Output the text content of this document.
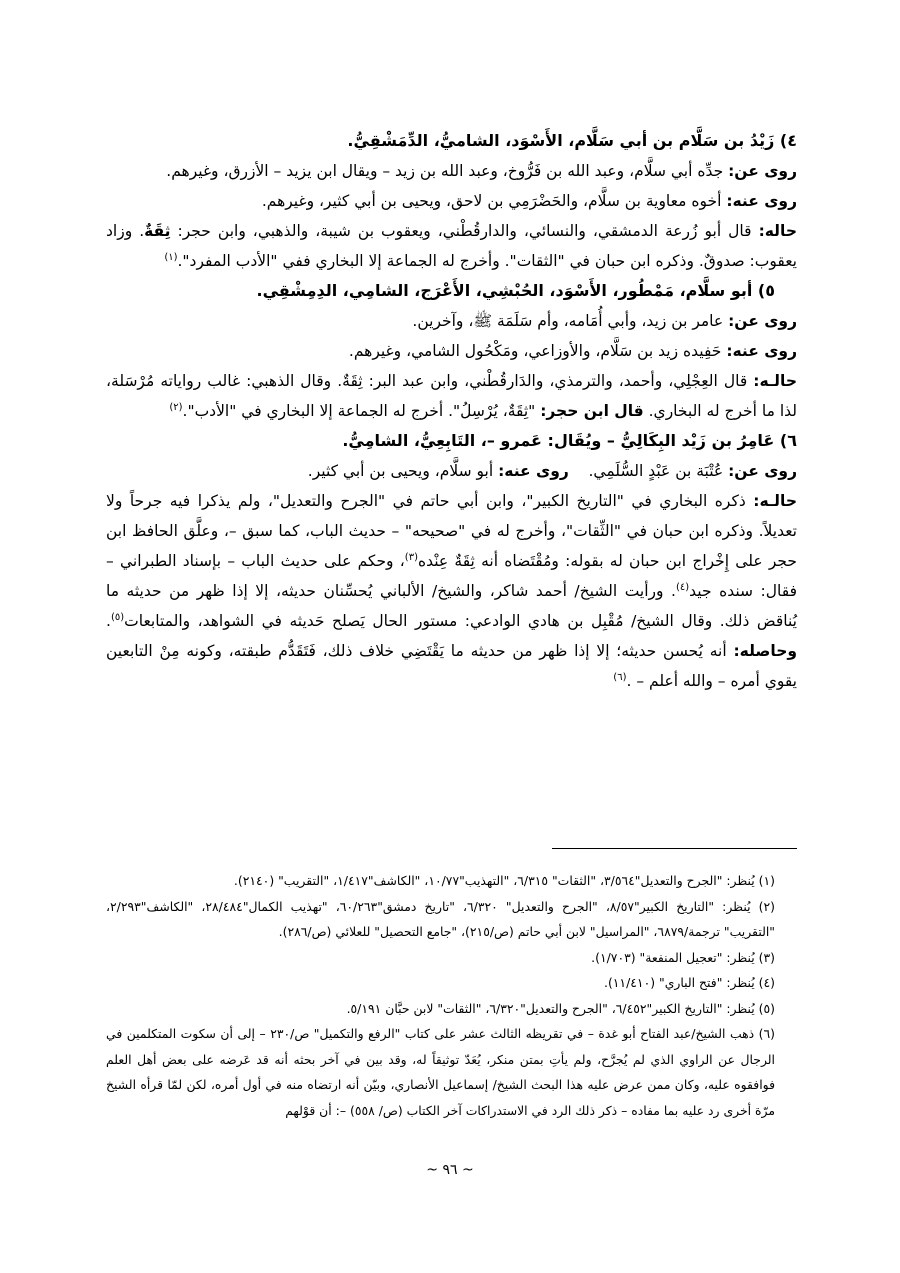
٤) زَيْدُ بن سَلَّام بن أبي سَلَّام، الأَسْوَد، الشاميُّ، الدِّمَشْقِيُّ.

روى عن: جدِّه أبي سلَّام، وعبد الله بن فَرُّوخ، وعبد الله بن زيد – ويقال ابن يزيد – الأزرق، وغيرهم.

روى عنه: أخوه معاوية بن سلَّام، والحَضْرَمِي بن لاحق، ويحيى بن أبي كثير، وغيرهم.

حاله: قال أبو زُرعة الدمشقي، والنسائي، والدارقُطْني، ويعقوب بن شيبة، والذهبي، وابن حجر: ثِقَةٌ. وزاد يعقوب: صدوقٌ. وذكره ابن حبان في "الثقات". وأخرج له الجماعة إلا البخاري ففي "الأدب المفرد".$^{(١)}$

٥) أبو سلَّام، مَمْطُور، الأَسْوَد، الحُبْشِي، الأَعْرَج، الشامِي، الدِمِشْقِي.

روى عن: عامر بن زيد، وأبي أُمَامه، وأم سَلَمَة ﷺ، وآخرين.

روى عنه: حَفِيده زيد بن سَلَّام، والأوزاعي، ومَكْحُول الشامي، وغيرهم.

حالـه: قال العِجْلِي، وأحمد، والترمذي، والدَارقُطْني، وابن عبد البر: ثِقَةٌ. وقال الذهبي: غالب رواياته مُرْسَلة، لذا ما أخرج له البخاري. قال ابن حجر: "ثِقَةٌ، يُرْسِلُ". أخرج له الجماعة إلا البخاري في "الأدب".$^{(٢)}$

٦) عَامِرُ بن زَيْد البِكَالِيُّ – ويُقَال: عَمرو –، التَابِعِيُّ، الشامِيُّ.

روى عن: عُتْبَة بن عَبْدٍ السُّلَمِي.    روى عنه: أبو سلَّام، ويحيى بن أبي كثير.

حالـه: ذكره البخاري في "التاريخ الكبير"، وابن أبي حاتم في "الجرح والتعديل"، ولم يذكرا فيه جرحاً ولا تعديلاً. وذكره ابن حبان في "الثِّقات"، وأخرج له في "صحيحه" – حديث الباب، كما سبق –، وعلَّق الحافظ ابن حجر على إِخْراج ابن حبان له بقوله: ومُقْتَضاه أنه ثِقَةٌ عِنْده$^{(٣)}$، وحكم على حديث الباب – بإسناد الطبراني – فقال: سنده جيد$^{(٤)}$. ورأيت الشيخ/ أحمد شاكر، والشيخ/ الألباني يُحسِّنان حديثه، إلا إذا ظهر من حديثه ما يُناقض ذلك. وقال الشيخ/ مُقْبِل بن هادي الوادعي: مستور الحال يَصلح حَديثه في الشواهد، والمتابعات$^{(٥)}$. وحاصله: أنه يُحسن حديثه؛ إلا إذا ظهر من حديثه ما يَقْتَضِي خلاف ذلك، فَتَقَدُّم طبقته، وكونه مِنْ التابعين يقوي أمره – والله أعلم – .$^{(٦)}$

(١) يُنظر: "الجرح والتعديل"٣/٥٦٤، "الثقات" ٦/٣١٥، "التهذيب"١٠/٧٧، "الكاشف"١/٤١٧، "التقريب" (٢١٤٠).

(٢) يُنظر: "التاريخ الكبير"٨/٥٧، "الجرح والتعديل" ٦/٣٢٠، "تاريخ دمشق"٦٠/٢٦٣، "تهذيب الكمال"٢٨/٤٨٤، "الكاشف"٢/٢٩٣، "التقريب" ترجمة/٦٨٧٩، "المراسيل" لابن أبي حاتم (ص/٢١٥)، "جامع التحصيل" للعلائي (ص/٢٨٦).

(٣) يُنظر: "تعجيل المنفعة" (١/٧٠٣).

(٤) يُنظر: "فتح الباري" (١١/٤١٠).

(٥) يُنظر: "التاريخ الكبير"٦/٤٥٢، "الجرح والتعديل"٦/٣٢٠، "الثقات" لابن حبَّان ٥/١٩١.

(٦) ذهب الشيخ/عبد الفتاح أبو غدة – في تقريظه الثالث عشر على كتاب "الرفع والتكميل" ص/٢٣٠ – إلى أن سكوت المتكلمين في الرجال عن الراوي الذي لم يُجرَّح، ولم يأتِ بمتن منكر، يُعَدّ توثيقاً له، وقد بين في آخر بحثه أنه قد عَرضه على بعض أهل العلم فوافقوه عليه، وكان ممن عرض عليه هذا البحث الشيخ/ إسماعيل الأنصاري، وبيّن أنه ارتضاه منه في أول أمره، لكن لمّا قرأه الشيخ مرّة أخرى رد عليه بما مفاده – ذكر ذلك الرد في الاستدراكات آخر الكتاب (ص/ ٥٥٨) –: أن قوْلهم

~ ٩٦ ~
